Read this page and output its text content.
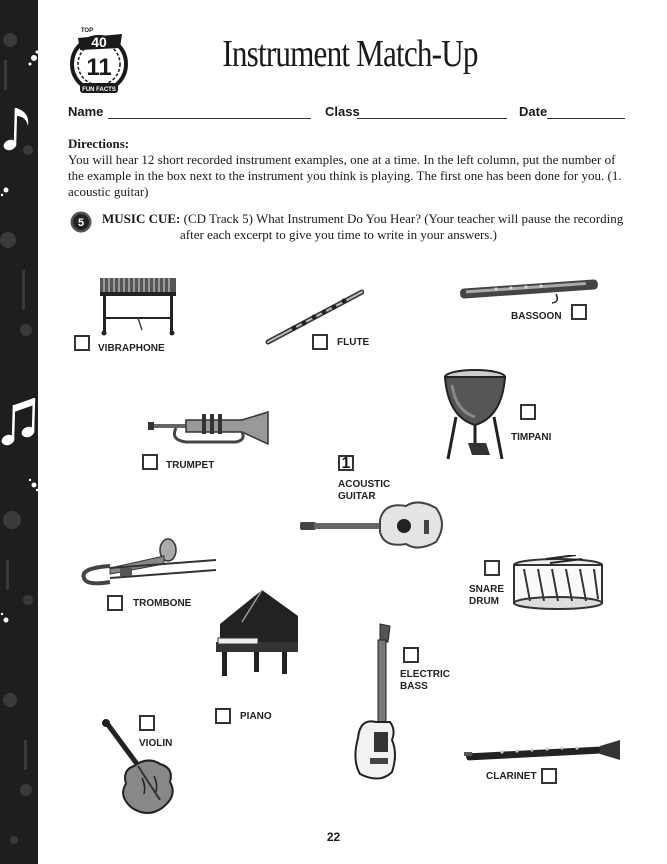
40
TOP
11
FUN FACTS
Instrument Match-Up
Name	Class	Date
Directions:
You will hear 12 short recorded instrument examples, one at a time. In the left column, put the number of the example in the box next to the instrument you think is playing. The first one has been done for you. (1. acoustic guitar)
5 MUSIC CUE: (CD Track 5) What Instrument Do You Hear? (Your teacher will pause the recording
after each excerpt to give you time to write in your answers.)
VIBRAPHONE
FLUTE
BASSOON
TIMPANI
TRUMPET	1
ACOUSTIC
GUITAR
TROMBONE
SNARE
DRUM
PIANO
ELECTRIC
BASS
VIOLIN
CLARINET
22
